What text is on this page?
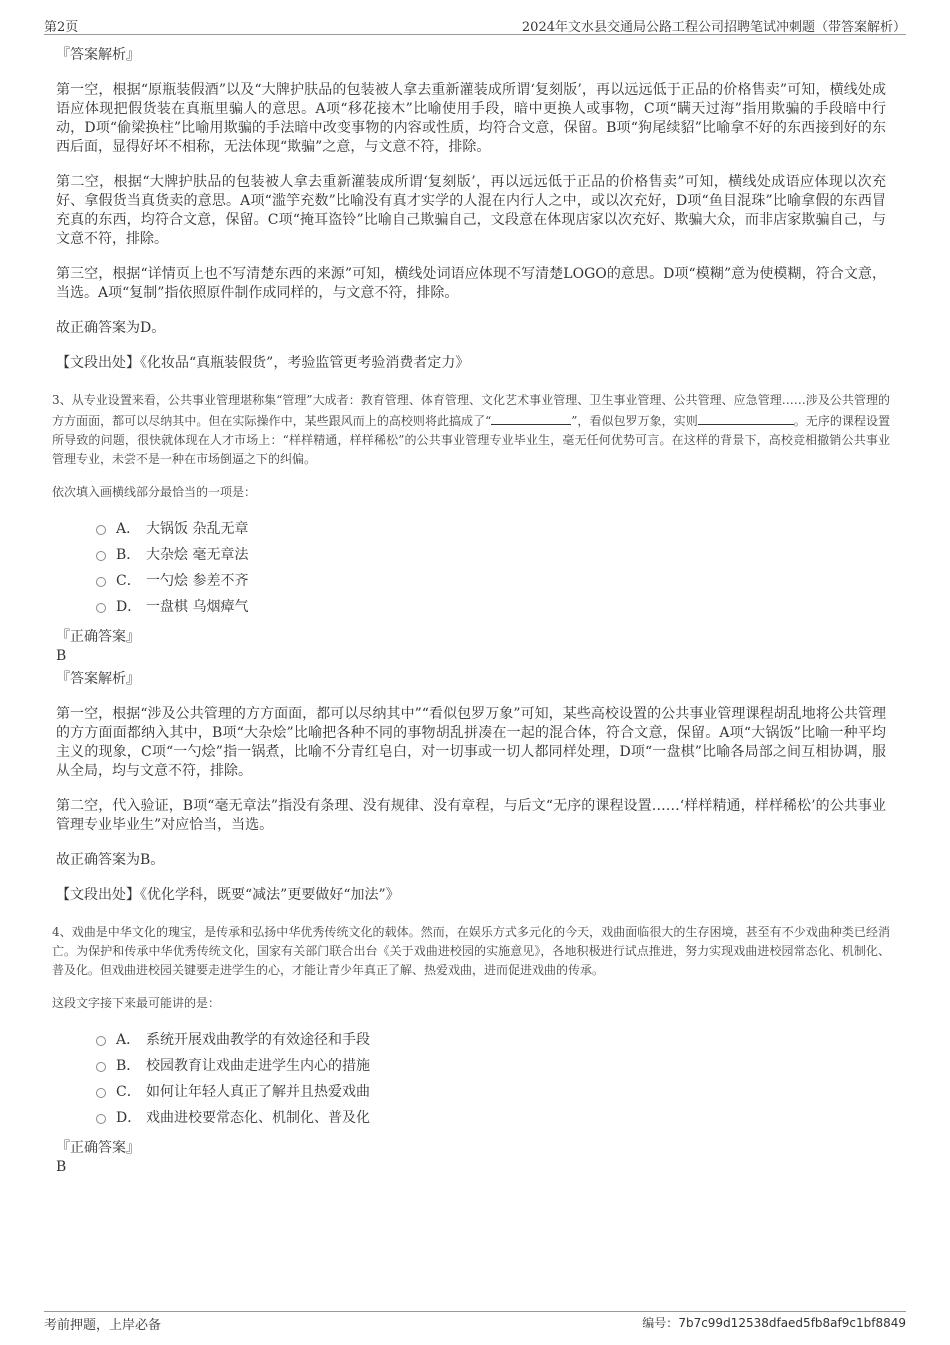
第2页	2024年文水县交通局公路工程公司招聘笔试冲刺题（带答案解析）
『答案解析』

第一空，根据“原瓶装假酒”以及“大牌护肤品的包装被人拿去重新灌装成所谓‘复刻版’，再以远远低于正品的价格售卖”可知，横线处成语应体现把假货装在真瓶里骗人的意思。A项“移花接木”比喻使用手段，暗中更换人或事物，C项“瞒天过海”指用欺骗的手段暗中行动，D项“偷梁换柱”比喻用欺骗的手法暗中改变事物的内容或性质，均符合文意，保留。B项“狗尾续貂”比喻拿不好的东西接到好的东西后面，显得好坏不相称，无法体现“欺骗”之意，与文意不符，排除。

第二空，根据“大牌护肤品的包装被人拿去重新灌装成所谓‘复刻版’，再以远远低于正品的价格售卖”可知，横线处成语应体现以次充好、拿假货当真货卖的意思。A项“滥竽充数”比喻没有真才实学的人混在内行人之中，或以次充好，D项“鱼目混珠”比喻拿假的东西冒充真的东西，均符合文意，保留。C项“掩耳盗铃”比喻自己欺骗自己，文段意在体现店家以次充好、欺骗大众，而非店家欺骗自己，与文意不符，排除。

第三空，根据“详情页上也不写清楚东西的来源”可知，横线处词语应体现不写清楚LOGO的意思。D项“模糊”意为使模糊，符合文意，当选。A项“复制”指依照原件制作成同样的，与文意不符，排除。

故正确答案为D。

【文段出处】《化妆品“真瓶装假货”，考验监管更考验消费者定力》

3、从专业设置来看，公共事业管理堪称集“管理”大成者：教育管理、体育管理、文化艺术事业管理、卫生事业管理、公共管理、应急管理……涉及公共管理的方方面面，都可以尽纳其中。但在实际操作中，某些跟风而上的高校则将此搞成了“	”，看似包罗万象，实则	。无序的课程设置所导致的问题，很快就体现在人才市场上：“样样精通，样样稀松”的公共事业管理专业毕业生，毫无任何优势可言。在这样的背景下，高校竞相撤销公共事业管理专业，未尝不是一种在市场倒逼之下的纠偏。

依次填入画横线部分最恰当的一项是：

A． 大锅饭 杂乱无章
B． 大杂烩 毫无章法
C． 一勺烩 参差不齐
D． 一盘棋 乌烟瘴气
『正确答案』
B
『答案解析』

第一空，根据“涉及公共管理的方方面面，都可以尽纳其中”“看似包罗万象”可知，某些高校设置的公共事业管理课程胡乱地将公共管理的方方面面都纳入其中，B项“大杂烩”比喻把各种不同的事物胡乱拼凑在一起的混合体，符合文意，保留。A项“大锅饭”比喻一种平均主义的现象，C项“一勺烩”指一锅煮，比喻不分青红皂白，对一切事或一切人都同样处理，D项“一盘棋”比喻各局部之间互相协调，服从全局，均与文意不符，排除。

第二空，代入验证，B项“毫无章法”指没有条理、没有规律、没有章程，与后文“无序的课程设置……‘样样精通，样样稀松’的公共事业管理专业毕业生”对应恰当，当选。

故正确答案为B。

【文段出处】《优化学科，既要“减法”更要做好“加法”》

4、戏曲是中华文化的瑰宝，是传承和弘扬中华优秀传统文化的载体。然而，在娱乐方式多元化的今天，戏曲面临很大的生存困境，甚至有不少戏曲种类已经消亡。为保护和传承中华优秀传统文化，国家有关部门联合出台《关于戏曲进校园的实施意见》，各地积极进行试点推进，努力实现戏曲进校园常态化、机制化、普及化。但戏曲进校园关键要走进学生的心，才能让青少年真正了解、热爱戏曲，进而促进戏曲的传承。

这段文字接下来最可能讲的是：

A． 系统开展戏曲教学的有效途径和手段
B． 校园教育让戏曲走进学生内心的措施
C． 如何让年轻人真正了解并且热爱戏曲
D． 戏曲进校要常态化、机制化、普及化
『正确答案』
B
考前押题，上岸必备	编号：7b7c99d12538dfaed5fb8af9c1bf8849
